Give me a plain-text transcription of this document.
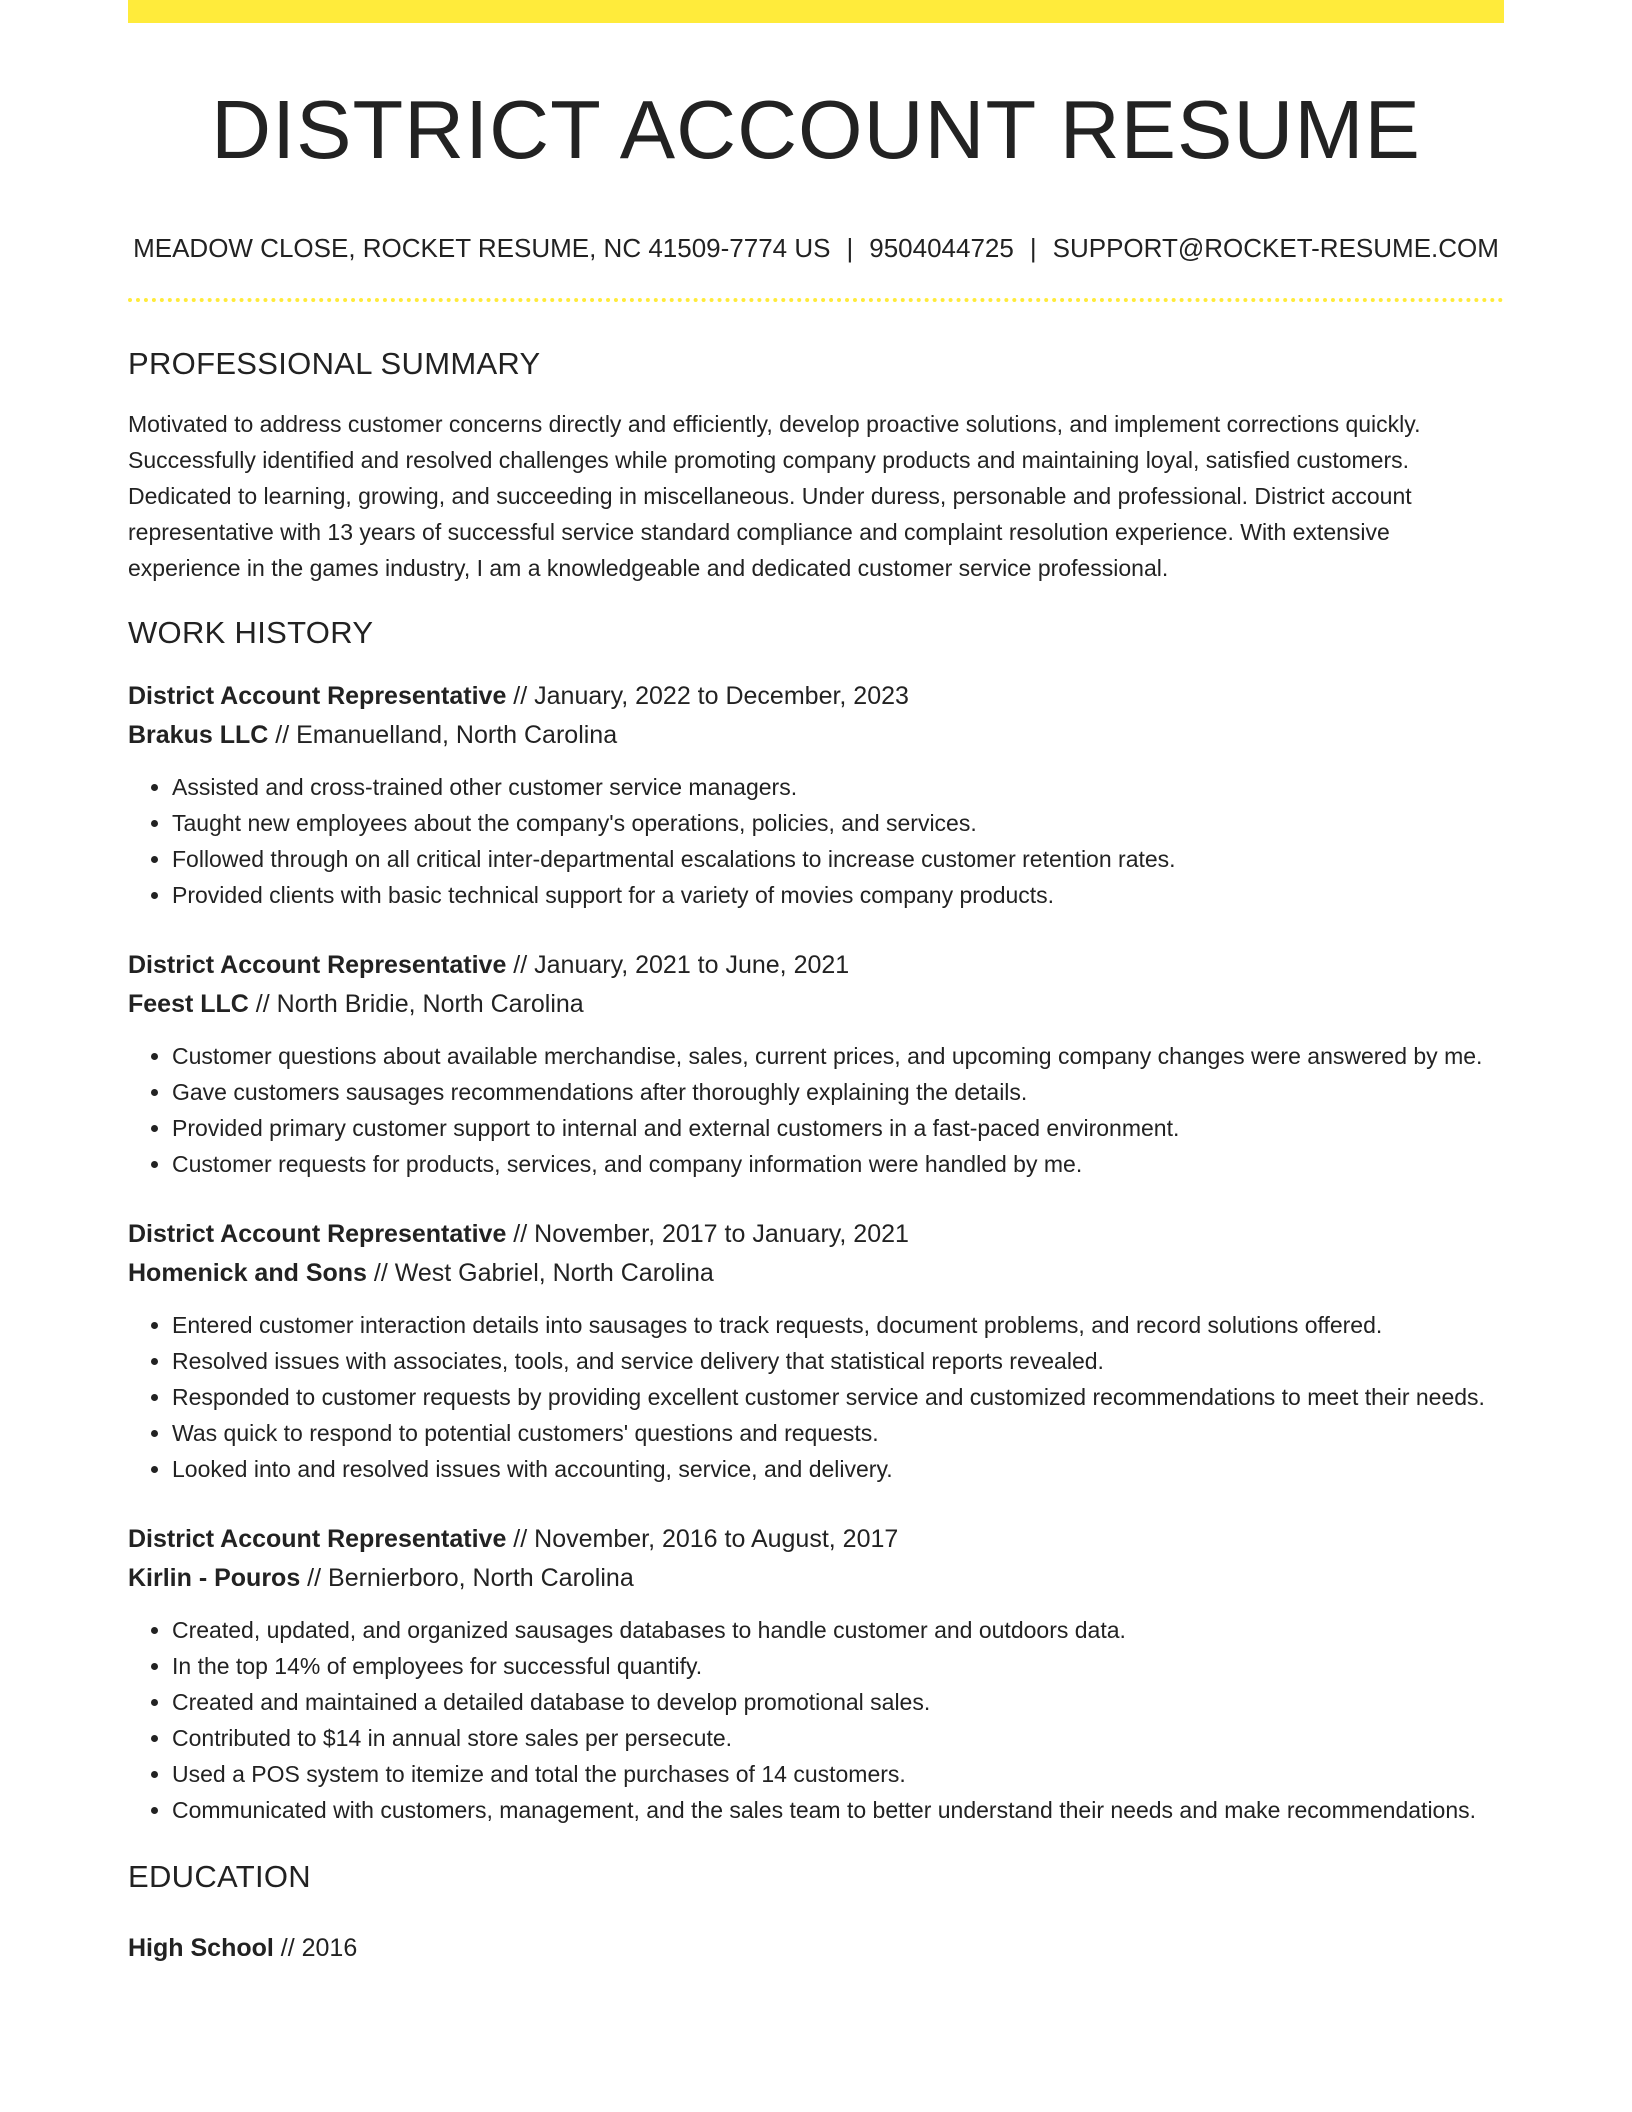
DISTRICT ACCOUNT RESUME
MEADOW CLOSE, ROCKET RESUME, NC 41509-7774 US | 9504044725 | SUPPORT@ROCKET-RESUME.COM
PROFESSIONAL SUMMARY
Motivated to address customer concerns directly and efficiently, develop proactive solutions, and implement corrections quickly. Successfully identified and resolved challenges while promoting company products and maintaining loyal, satisfied customers. Dedicated to learning, growing, and succeeding in miscellaneous. Under duress, personable and professional. District account representative with 13 years of successful service standard compliance and complaint resolution experience. With extensive experience in the games industry, I am a knowledgeable and dedicated customer service professional.
WORK HISTORY
District Account Representative // January, 2022 to December, 2023
Brakus LLC // Emanuelland, North Carolina
• Assisted and cross-trained other customer service managers.
• Taught new employees about the company's operations, policies, and services.
• Followed through on all critical inter-departmental escalations to increase customer retention rates.
• Provided clients with basic technical support for a variety of movies company products.
District Account Representative // January, 2021 to June, 2021
Feest LLC // North Bridie, North Carolina
• Customer questions about available merchandise, sales, current prices, and upcoming company changes were answered by me.
• Gave customers sausages recommendations after thoroughly explaining the details.
• Provided primary customer support to internal and external customers in a fast-paced environment.
• Customer requests for products, services, and company information were handled by me.
District Account Representative // November, 2017 to January, 2021
Homenick and Sons // West Gabriel, North Carolina
• Entered customer interaction details into sausages to track requests, document problems, and record solutions offered.
• Resolved issues with associates, tools, and service delivery that statistical reports revealed.
• Responded to customer requests by providing excellent customer service and customized recommendations to meet their needs.
• Was quick to respond to potential customers' questions and requests.
• Looked into and resolved issues with accounting, service, and delivery.
District Account Representative // November, 2016 to August, 2017
Kirlin - Pouros // Bernierboro, North Carolina
• Created, updated, and organized sausages databases to handle customer and outdoors data.
• In the top 14% of employees for successful quantify.
• Created and maintained a detailed database to develop promotional sales.
• Contributed to $14 in annual store sales per persecute.
• Used a POS system to itemize and total the purchases of 14 customers.
• Communicated with customers, management, and the sales team to better understand their needs and make recommendations.
EDUCATION
High School // 2016
